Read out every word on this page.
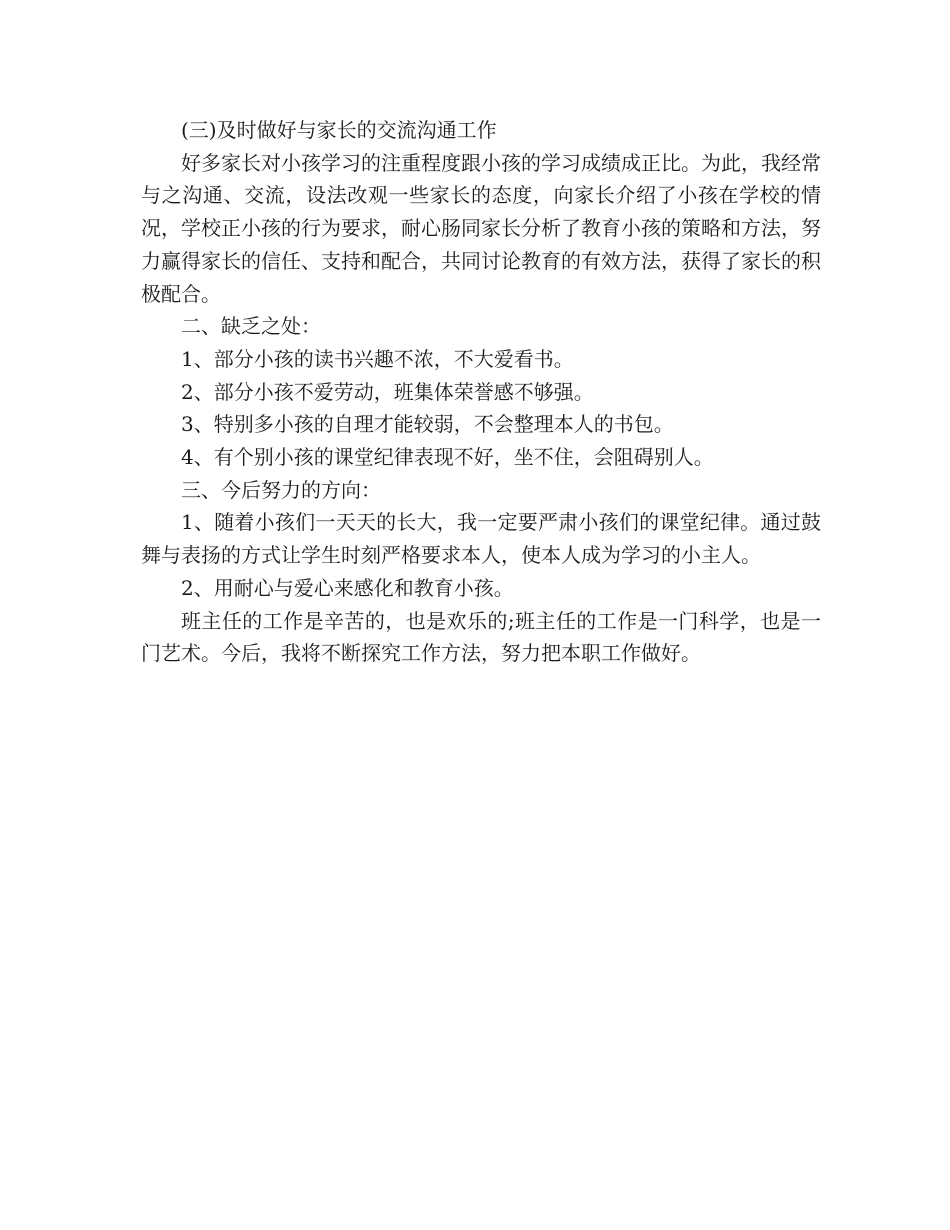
(三)及时做好与家长的交流沟通工作

好多家长对小孩学习的注重程度跟小孩的学习成绩成正比。为此，我经常与之沟通、交流，设法改观一些家长的态度，向家长介绍了小孩在学校的情况，学校正小孩的行为要求，耐心肠同家长分析了教育小孩的策略和方法，努力赢得家长的信任、支持和配合，共同讨论教育的有效方法，获得了家长的积极配合。

二、缺乏之处：

1、部分小孩的读书兴趣不浓，不大爱看书。

2、部分小孩不爱劳动，班集体荣誉感不够强。

3、特别多小孩的自理才能较弱，不会整理本人的书包。

4、有个别小孩的课堂纪律表现不好，坐不住，会阻碍别人。

三、今后努力的方向：

1、随着小孩们一天天的长大，我一定要严肃小孩们的课堂纪律。通过鼓舞与表扬的方式让学生时刻严格要求本人，使本人成为学习的小主人。

2、用耐心与爱心来感化和教育小孩。

班主任的工作是辛苦的，也是欢乐的;班主任的工作是一门科学，也是一门艺术。今后，我将不断探究工作方法，努力把本职工作做好。
